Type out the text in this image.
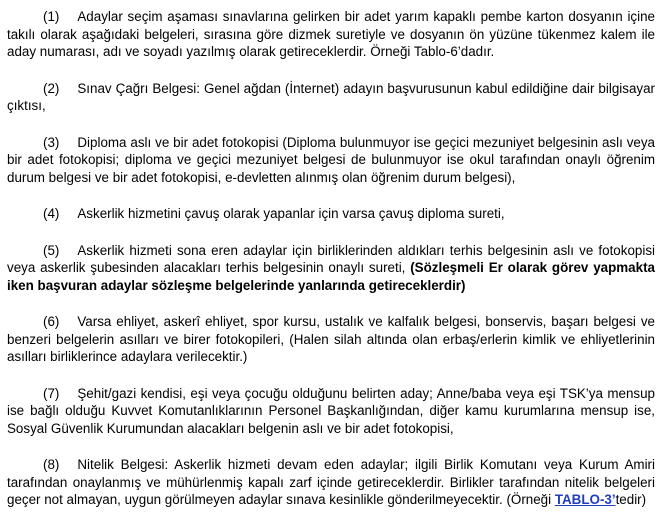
(1) Adaylar seçim aşaması sınavlarına gelirken bir adet yarım kapaklı pembe karton dosyanın içine takılı olarak aşağıdaki belgeleri, sırasına göre dizmek suretiyle ve dosyanın ön yüzüne tükenmez kalem ile aday numarası, adı ve soyadı yazılmış olarak getireceklerdir. Örneği Tablo-6’dadır.

(2) Sınav Çağrı Belgesi: Genel ağdan (İnternet) adayın başvurusunun kabul edildiğine dair bilgisayar çıktısı,

(3) Diploma aslı ve bir adet fotokopisi (Diploma bulunmuyor ise geçici mezuniyet belgesinin aslı veya bir adet fotokopisi; diploma ve geçici mezuniyet belgesi de bulunmuyor ise okul tarafından onaylı öğrenim durum belgesi ve bir adet fotokopisi, e-devletten alınmış olan öğrenim durum belgesi),

(4) Askerlik hizmetini çavuş olarak yapanlar için varsa çavuş diploma sureti,

(5) Askerlik hizmeti sona eren adaylar için birliklerinden aldıkları terhis belgesinin aslı ve fotokopisi veya askerlik şubesinden alacakları terhis belgesinin onaylı sureti, (Sözleşmeli Er olarak görev yapmakta iken başvuran adaylar sözleşme belgelerinde yanlarında getireceklerdir)

(6) Varsa ehliyet, askerî ehliyet, spor kursu, ustalık ve kalfalık belgesi, bonservis, başarı belgesi ve benzeri belgelerin asılları ve birer fotokopileri, (Halen silah altında olan erbaş/erlerin kimlik ve ehliyetlerinin asılları birliklerince adaylara verilecektir.)

(7) Şehit/gazi kendisi, eşi veya çocuğu olduğunu belirten aday; Anne/baba veya eşi TSK’ya mensup ise bağlı olduğu Kuvvet Komutanlıklarının Personel Başkanlığından, diğer kamu kurumlarına mensup ise, Sosyal Güvenlik Kurumundan alacakları belgenin aslı ve bir adet fotokopisi,

(8) Nitelik Belgesi: Askerlik hizmeti devam eden adaylar; ilgili Birlik Komutanı veya Kurum Amiri tarafından onaylanmış ve mühürlenmiş kapalı zarf içinde getireceklerdir. Birlikler tarafından nitelik belgeleri geçer not almayan, uygun görülmeyen adaylar sınava kesinlikle gönderilmeyecektir. (Örneği TABLO-3’tedir)
